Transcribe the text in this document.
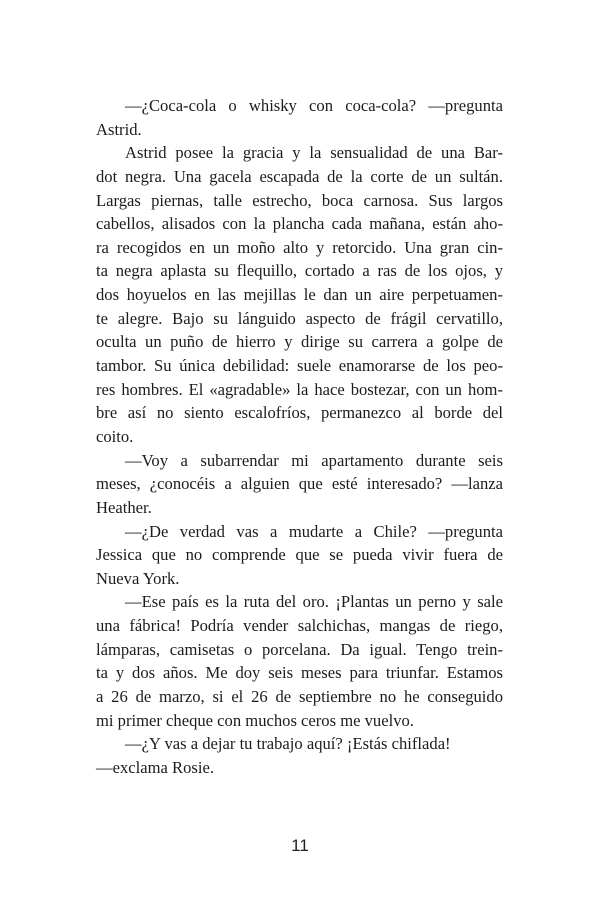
—¿Coca-cola o whisky con coca-cola? —pregunta
Astrid.
Astrid posee la gracia y la sensualidad de una Bar-
dot negra. Una gacela escapada de la corte de un sultán.
Largas piernas, talle estrecho, boca carnosa. Sus largos
cabellos, alisados con la plancha cada mañana, están aho-
ra recogidos en un moño alto y retorcido. Una gran cin-
ta negra aplasta su flequillo, cortado a ras de los ojos, y
dos hoyuelos en las mejillas le dan un aire perpetuamen-
te alegre. Bajo su lánguido aspecto de frágil cervatillo,
oculta un puño de hierro y dirige su carrera a golpe de
tambor. Su única debilidad: suele enamorarse de los peo-
res hombres. El «agradable» la hace bostezar, con un hom-
bre así no siento escalofríos, permanezco al borde del
coito.
—Voy a subarrendar mi apartamento durante seis
meses, ¿conocéis a alguien que esté interesado? —lanza
Heather.
—¿De verdad vas a mudarte a Chile? —pregunta
Jessica que no comprende que se pueda vivir fuera de
Nueva York.
—Ese país es la ruta del oro. ¡Plantas un perno y sale
una fábrica! Podría vender salchichas, mangas de riego,
lámparas, camisetas o porcelana. Da igual. Tengo trein-
ta y dos años. Me doy seis meses para triunfar. Estamos
a 26 de marzo, si el 26 de septiembre no he conseguido
mi primer cheque con muchos ceros me vuelvo.
—¿Y vas a dejar tu trabajo aquí? ¡Estás chiflada!
—exclama Rosie.
11
